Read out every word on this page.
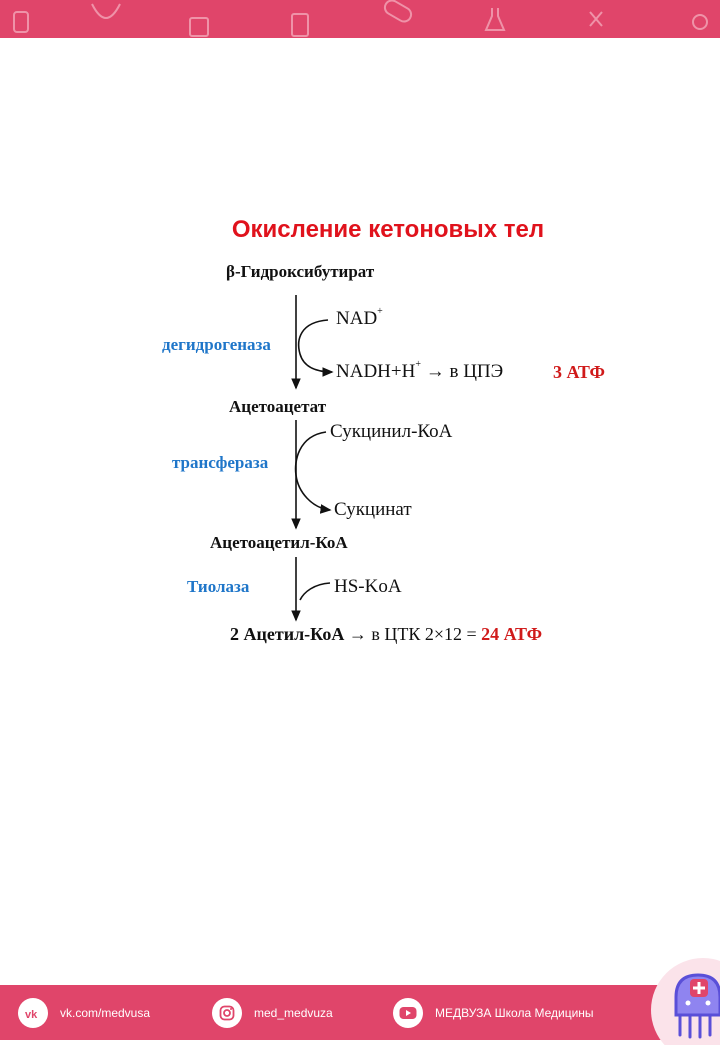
Окисление кетоновых тел
β-Гидроксибутират
дегидрогеназа
NAD+
NADH+H+ → в ЦПЭ	3 АТФ
Ацетоацетат
трансфераза
Сукцинил-КоА
Сукцинат
Ацетоацетил-КоА
Тиолаза	HS-KoA
2 Ацетил-КоА → в ЦТК 2×12 = 24 АТФ
vk vk.com/medvusa	med_medvuza	МЕДВУЗА Школа Медицины
